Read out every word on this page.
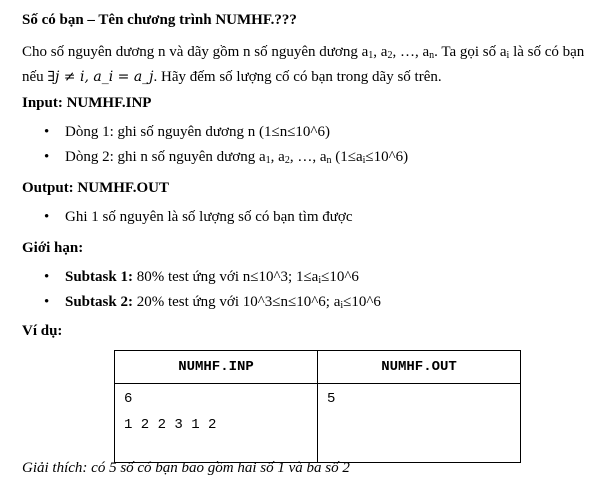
Số có bạn – Tên chương trình NUMHF.???
Cho số nguyên dương n và dãy gồm n số nguyên dương $a_1$, $a_2$, …, $a_n$. Ta gọi số $a_i$ là số có bạn nếu ∃j ≠ i, a_i = a_j. Hãy đếm số lượng cố có bạn trong dãy số trên.
Input: NUMHF.INP
• Dòng 1: ghi số nguyên dương n (1≤n≤10^6)
• Dòng 2: ghi n số nguyên dương $a_1$, $a_2$, …, $a_n$ $(1\le a_i\le 10\^{}6)$
Output: NUMHF.OUT
• Ghi 1 số nguyên là số lượng số có bạn tìm được
Giới hạn:
• Subtask 1: 80% test ứng với n≤10^3; $1\le a_i\le 10\^{}6$
• Subtask 2: 20% test ứng với 10^3≤n≤10^6; $a_i\le 10\^{}6$
Ví dụ:
NUMHF.INP	NUMHF.OUT

6
1 2 2 3 1 2	5
Giải thích: có 5 số có bạn bao gồm hai số 1 và ba số 2
